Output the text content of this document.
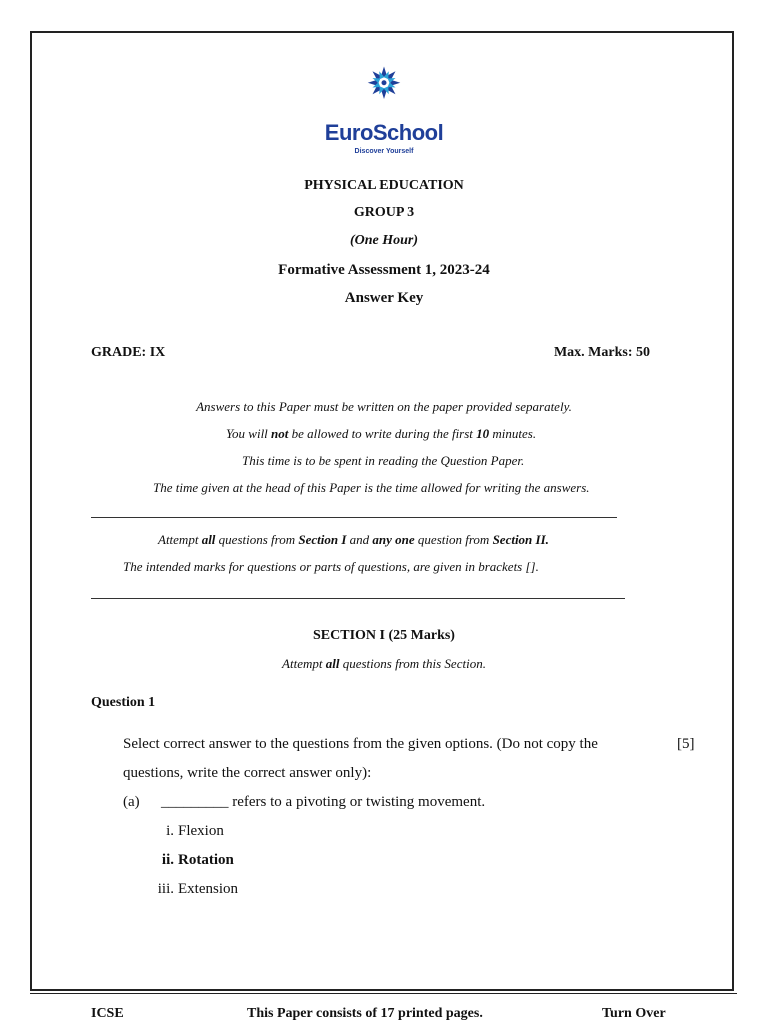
EuroSchool
Discover Yourself
PHYSICAL EDUCATION
GROUP 3
(One Hour)
Formative Assessment 1, 2023-24
Answer Key
GRADE: IX	Max. Marks: 50
Answers to this Paper must be written on the paper provided separately.
You will not be allowed to write during the first 10 minutes.
This time is to be spent in reading the Question Paper.
The time given at the head of this Paper is the time allowed for writing the answers.
Attempt all questions from Section I and any one question from Section II.
The intended marks for questions or parts of questions, are given in brackets [].
SECTION I (25 Marks)
Attempt all questions from this Section.
Question 1
Select correct answer to the questions from the given options. (Do not copy the	[5]
questions, write the correct answer only):
(a) _________ refers to a pivoting or twisting movement.
i. Flexion
ii. Rotation
iii. Extension
ICSE	This Paper consists of 17 printed pages.	Turn Over
